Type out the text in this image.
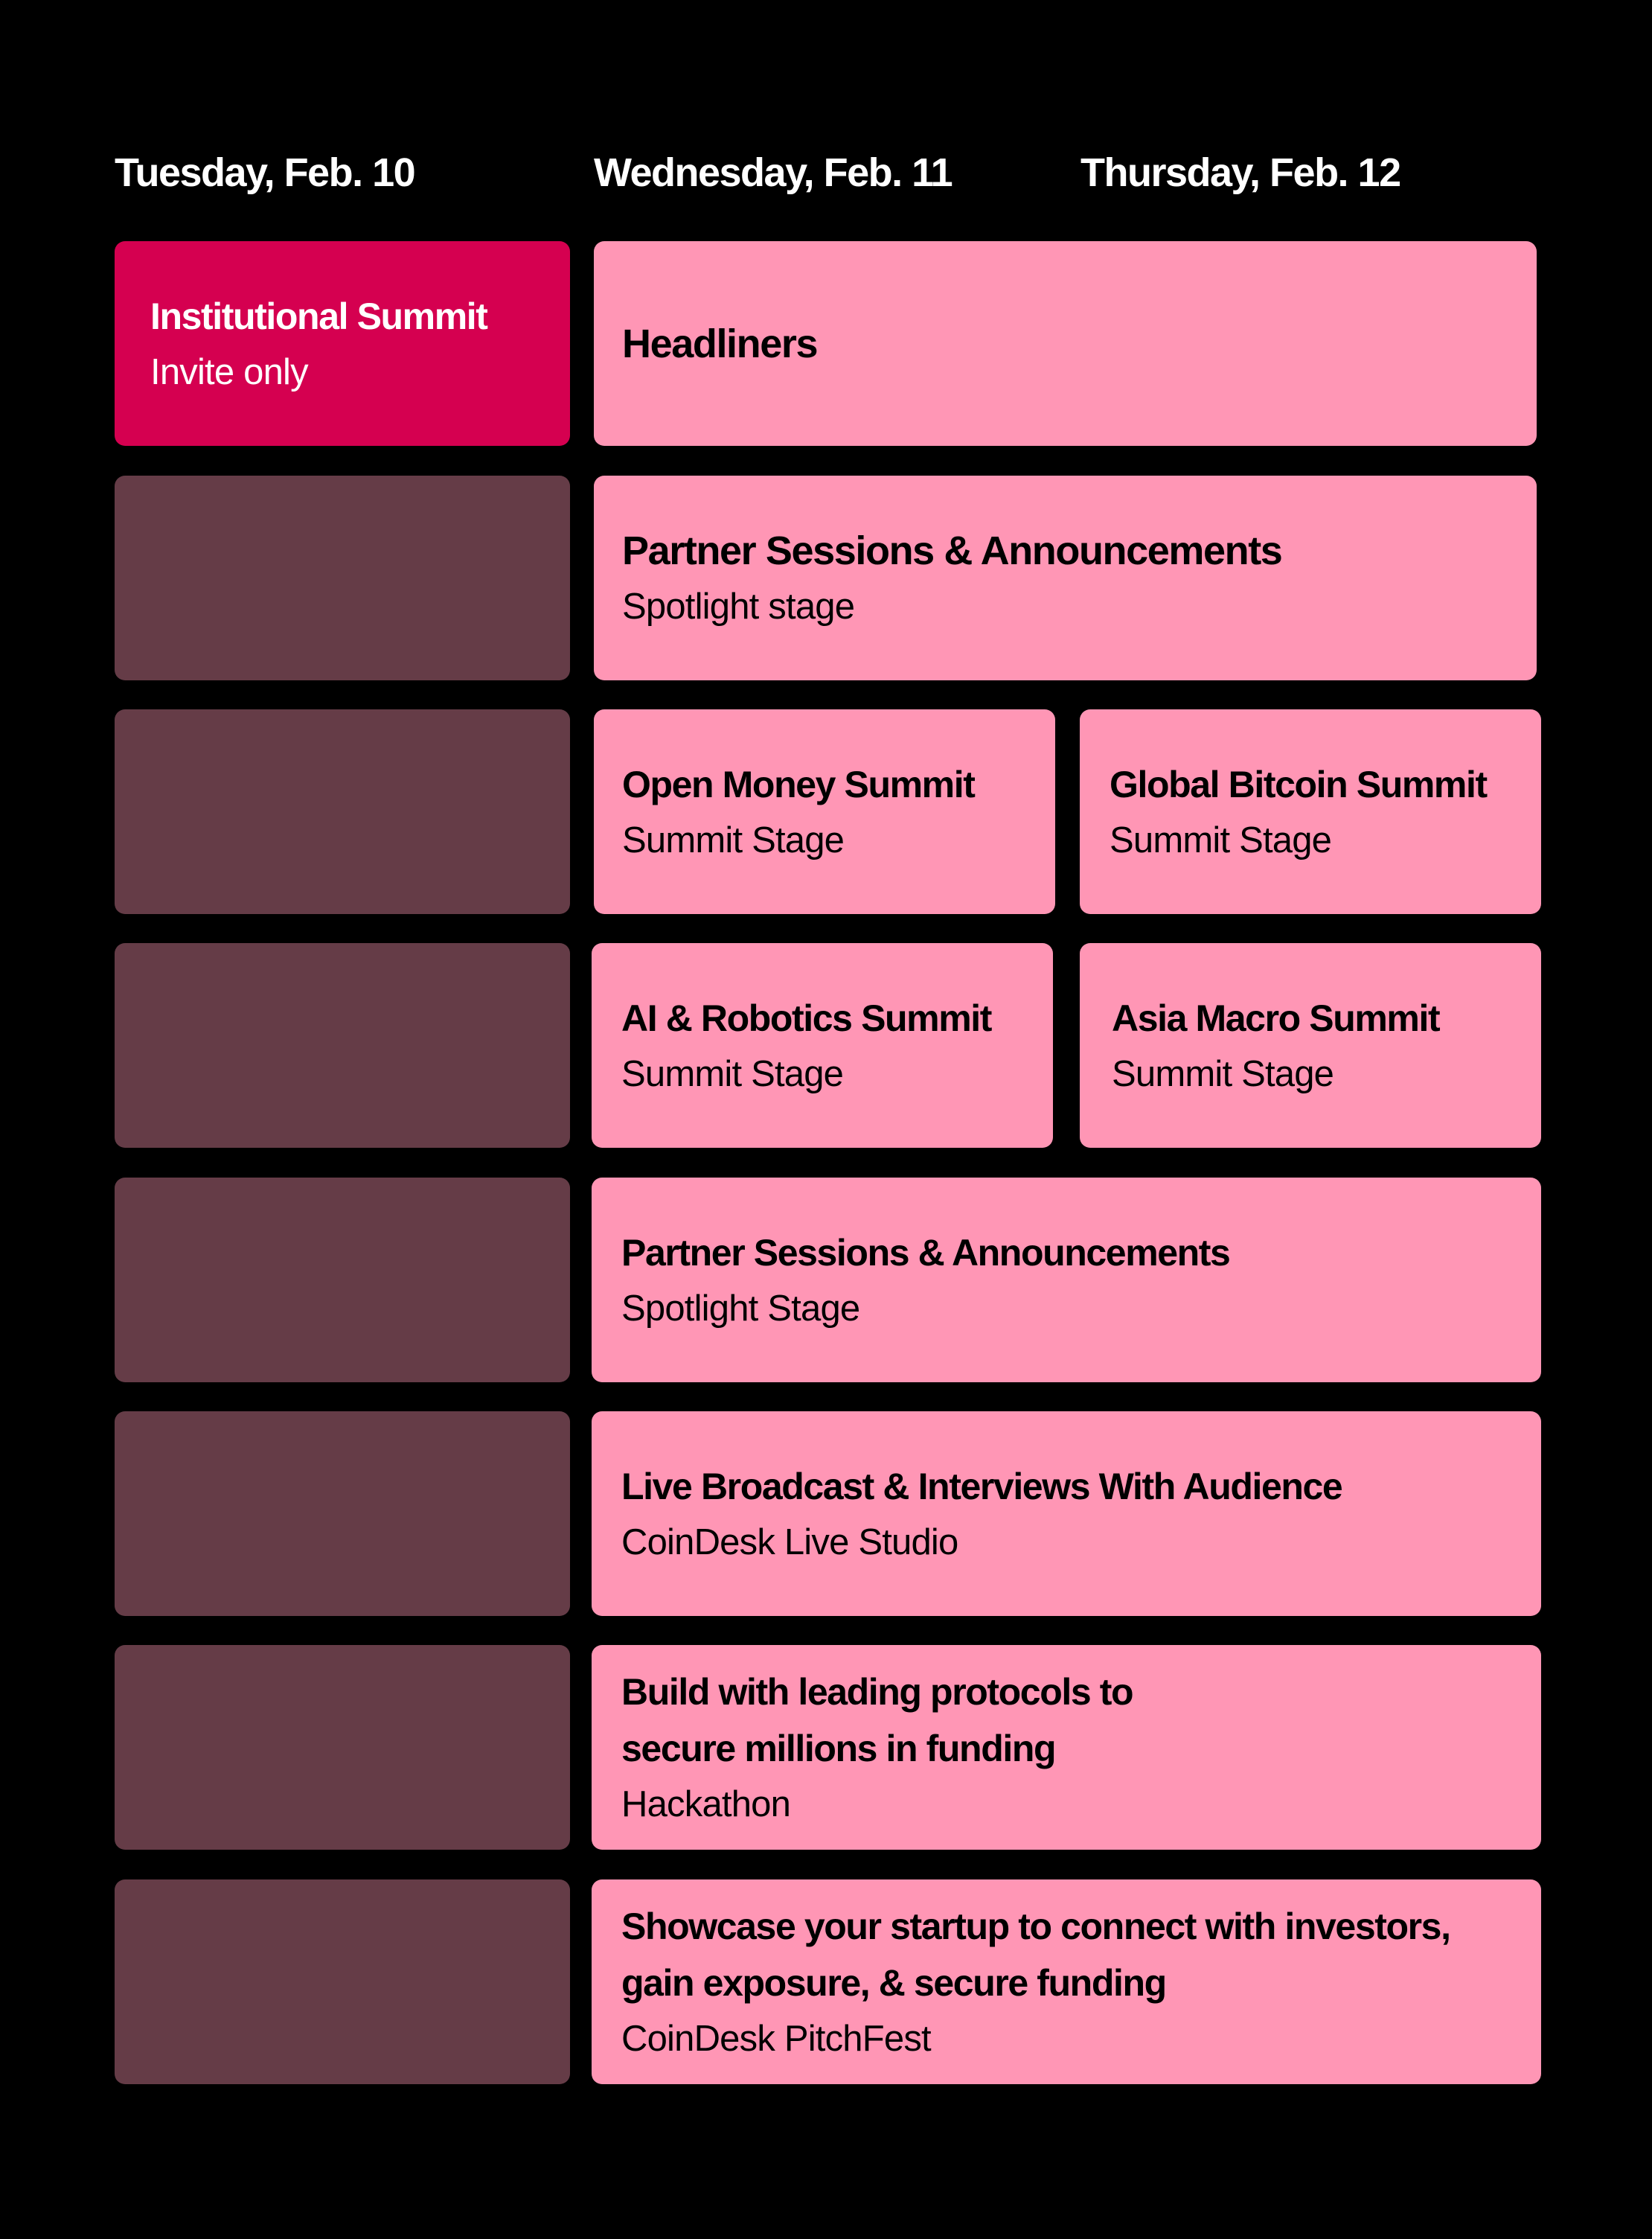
Tuesday, Feb. 10	Wednesday, Feb. 11	Thursday, Feb. 12
Institutional Summit
Invite only
Headliners
Partner Sessions & Announcements
Spotlight stage
Open Money Summit
Summit Stage
Global Bitcoin Summit
Summit Stage
AI & Robotics Summit
Summit Stage
Asia Macro Summit
Summit Stage
Partner Sessions & Announcements
Spotlight Stage
Live Broadcast & Interviews With Audience
CoinDesk Live Studio
Build with leading protocols to
secure millions in funding
Hackathon
Showcase your startup to connect with investors,
gain exposure, & secure funding
CoinDesk PitchFest
